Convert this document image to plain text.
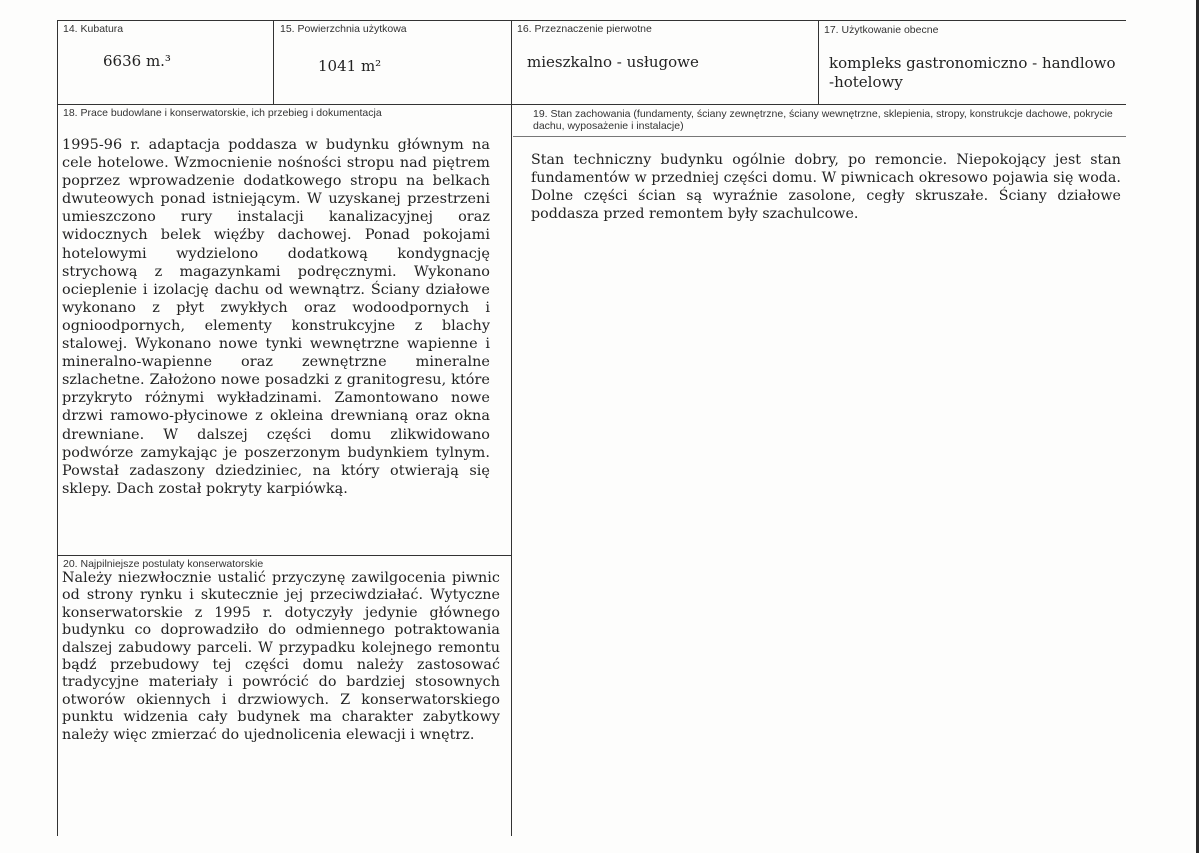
14. Kubatura
6636 m.³
15. Powierzchnia użytkowa
1041 m²
16. Przeznaczenie pierwotne
mieszkalno - usługowe
17. Użytkowanie obecne
kompleks gastronomiczno - handlowo
-hotelowy
18. Prace budowlane i konserwatorskie, ich przebieg i dokumentacja
1995-96 r. adaptacja poddasza w budynku głównym na cele hotelowe. Wzmocnienie nośności stropu nad piętrem poprzez wprowadzenie dodatkowego stropu na belkach dwuteowych ponad istniejącym. W uzyskanej przestrzeni umieszczono rury instalacji kanalizacyjnej oraz widocznych belek więźby dachowej. Ponad pokojami hotelowymi wydzielono dodatkową kondygnację strychową z magazynkami podręcznymi. Wykonano ocieplenie i izolację dachu od wewnątrz. Ściany działowe wykonano z płyt zwykłych oraz wodoodpornych i ognioodpornych, elementy konstrukcyjne z blachy stalowej. Wykonano nowe tynki wewnętrzne wapienne i mineralno-wapienne oraz zewnętrzne mineralne szlachetne. Założono nowe posadzki z granitogresu, które przykryto różnymi wykładzinami. Zamontowano nowe drzwi ramowo-płycinowe z okleina drewnianą oraz okna drewniane. W dalszej części domu zlikwidowano podwórze zamykając je poszerzonym budynkiem tylnym. Powstał zadaszony dziedziniec, na który otwierają się sklepy. Dach został pokryty karpiówką.
19. Stan zachowania (fundamenty, ściany zewnętrzne, ściany wewnętrzne, sklepienia, stropy, konstrukcje dachowe, pokrycie dachu, wyposażenie i instalacje)
Stan techniczny budynku ogólnie dobry, po remoncie. Niepokojący jest stan fundamentów w przedniej części domu. W piwnicach okresowo pojawia się woda. Dolne części ścian są wyraźnie zasolone, cegły skruszałe. Ściany działowe poddasza przed remontem były szachulcowe.
20. Najpilniejsze postulaty konserwatorskie
Należy niezwłocznie ustalić przyczynę zawilgocenia piwnic od strony rynku i skutecznie jej przeciwdziałać. Wytyczne konserwatorskie z 1995 r. dotyczyły jedynie głównego budynku co doprowadziło do odmiennego potraktowania dalszej zabudowy parceli. W przypadku kolejnego remontu bądź przebudowy tej części domu należy zastosować tradycyjne materiały i powrócić do bardziej stosownych otworów okiennych i drzwiowych. Z konserwatorskiego punktu widzenia cały budynek ma charakter zabytkowy należy więc zmierzać do ujednolicenia elewacji i wnętrz.
